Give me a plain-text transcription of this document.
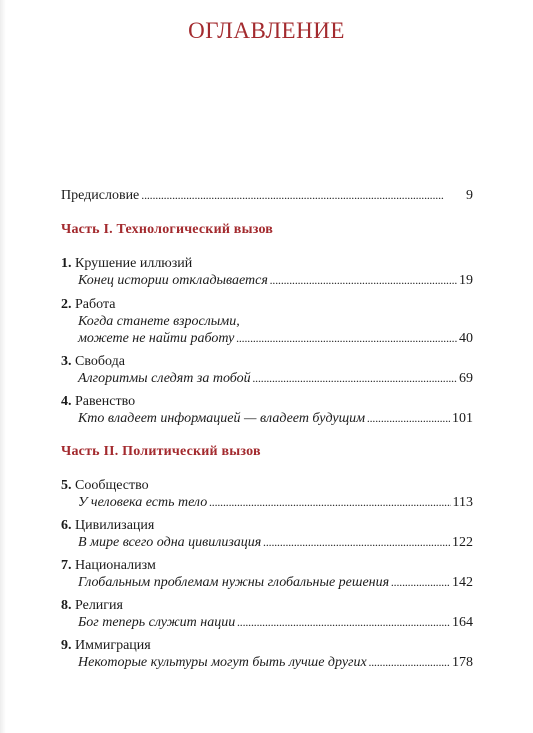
ОГЛАВЛЕНИЕ
Предисловие . . .	9
Часть I. Технологический вызов
1. Крушение иллюзий
Конец истории откладывается . . .	19
2. Работа
Когда станете взрослыми,
можете не найти работу . . .	40
3. Свобода
Алгоритмы следят за тобой . . .	69
4. Равенство
Кто владеет информацией — владеет будущим . . .	101
Часть II. Политический вызов
5. Сообщество
У человека есть тело . . .	113
6. Цивилизация
В мире всего одна цивилизация . . .	122
7. Национализм
Глобальным проблемам нужны глобальные решения . . .	142
8. Религия
Бог теперь служит нации . . .	164
9. Иммиграция
Некоторые культуры могут быть лучше других . . .	178
